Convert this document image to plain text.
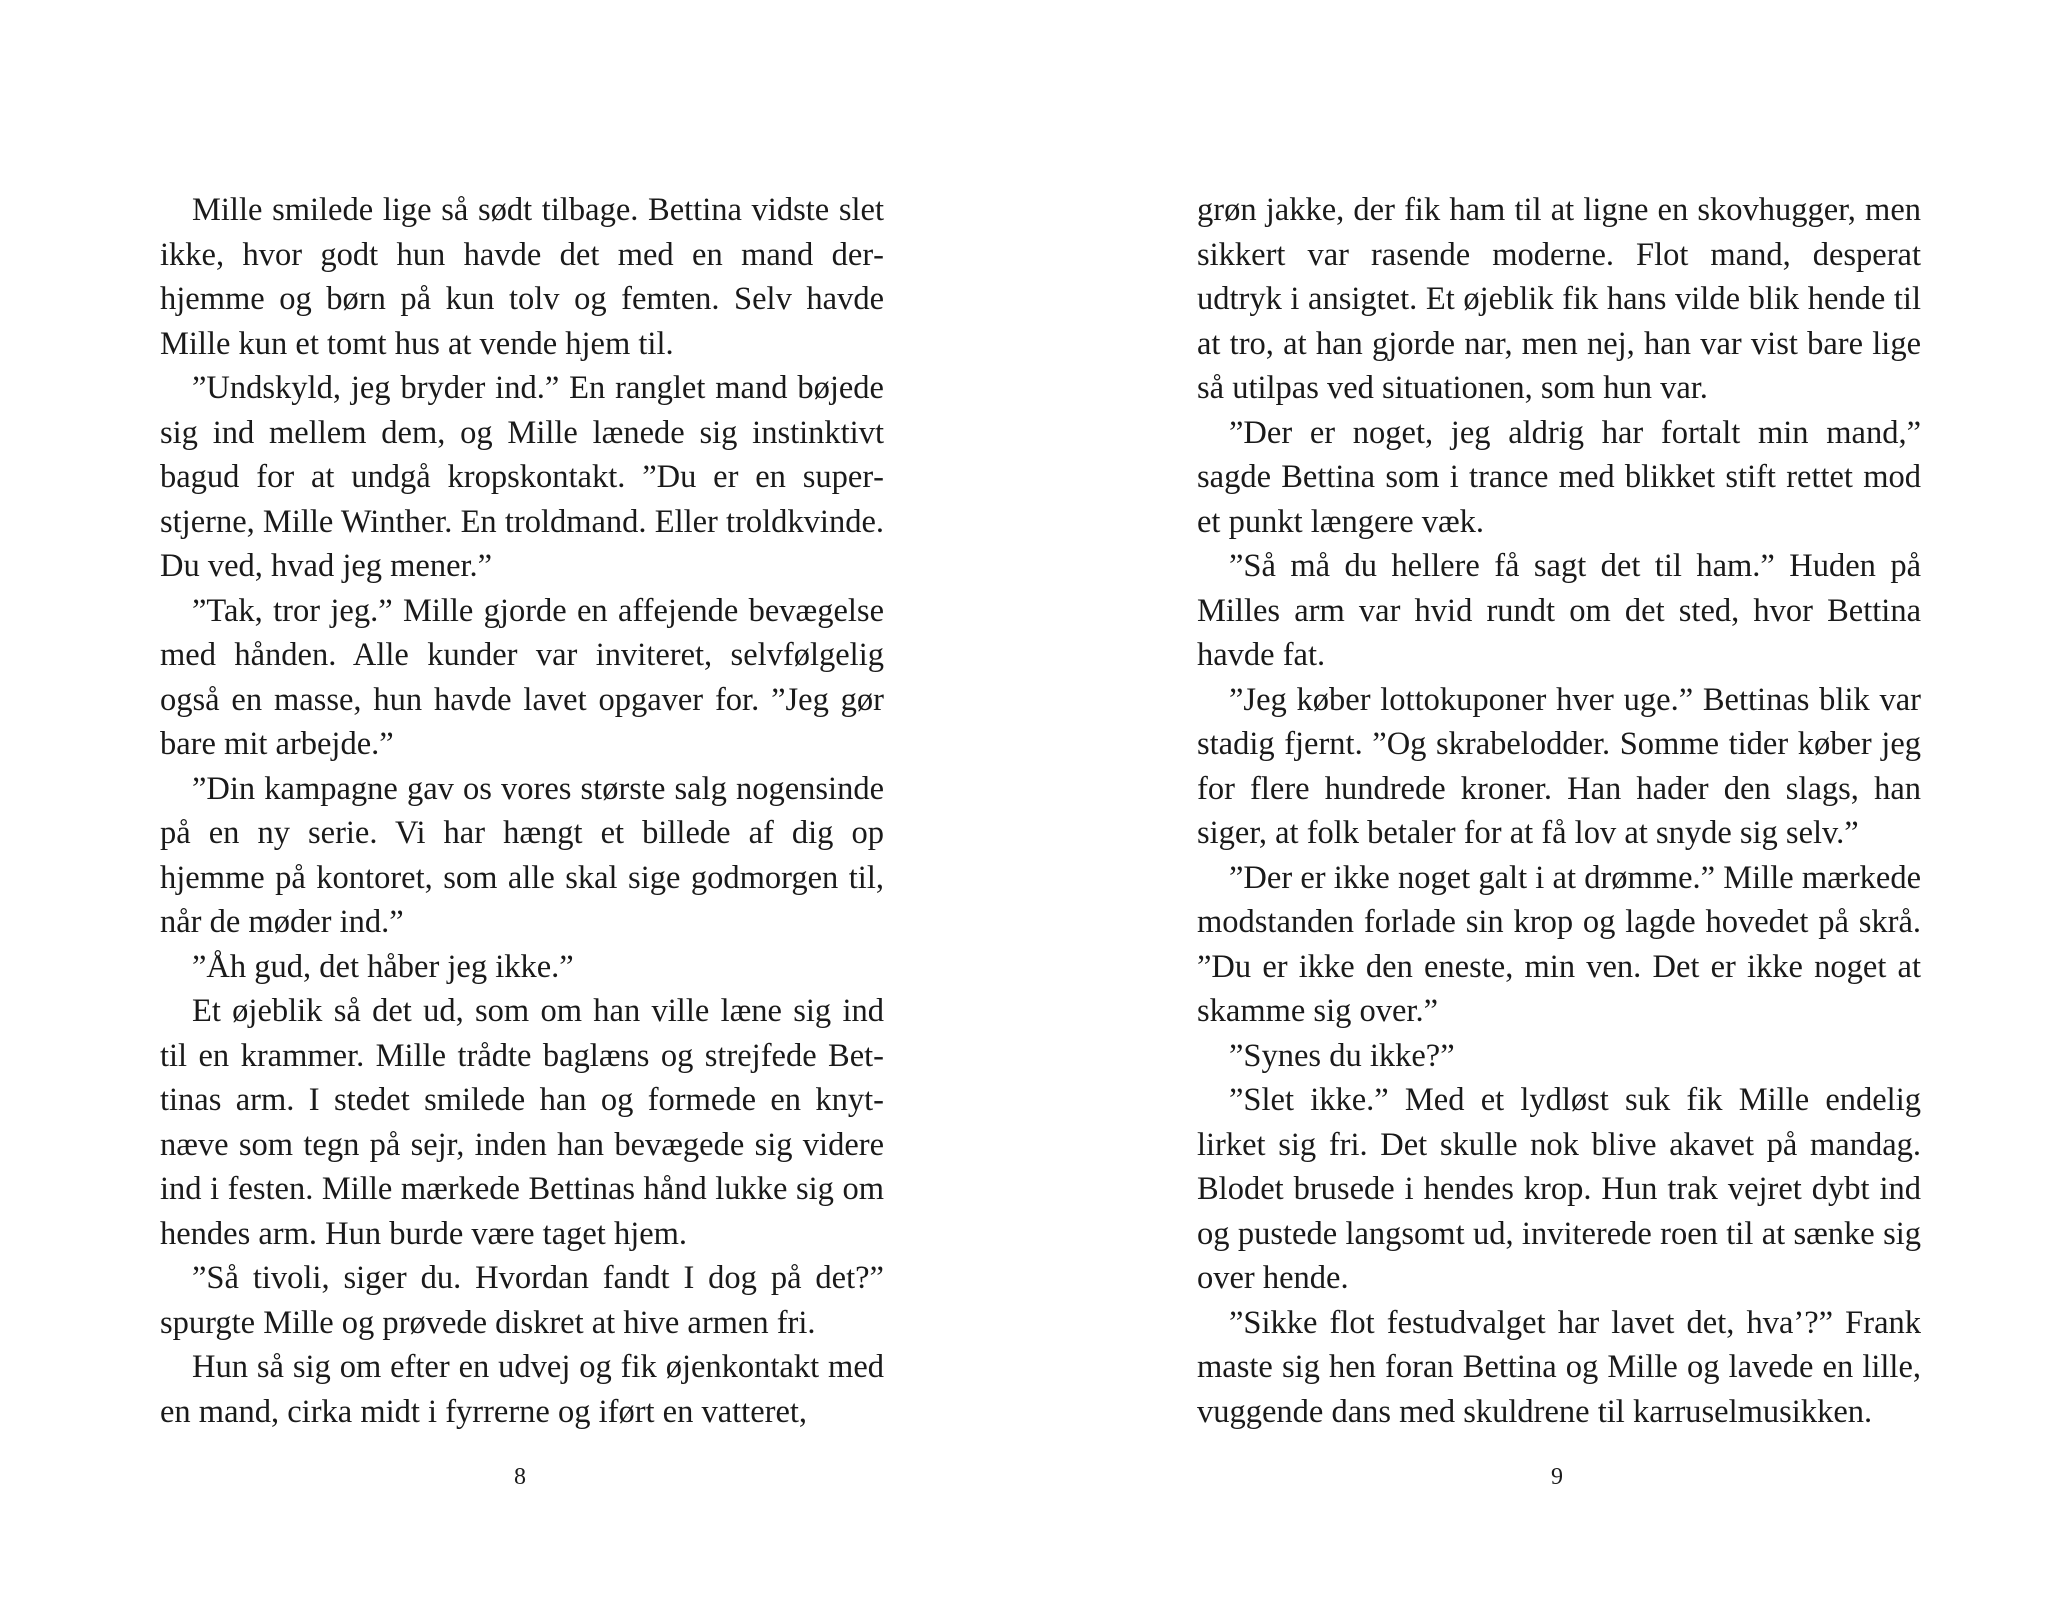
Mille smilede lige så sødt tilbage. Bettina vidste slet ikke, hvor godt hun havde det med en mand derhjemme og børn på kun tolv og femten. Selv havde Mille kun et tomt hus at vende hjem til.

”Undskyld, jeg bryder ind.” En ranglet mand bøjede sig ind mellem dem, og Mille lænede sig instinktivt bagud for at undgå kropskontakt. ”Du er en superstjerne, Mille Winther. En troldmand. Eller troldkvinde. Du ved, hvad jeg mener.”

”Tak, tror jeg.” Mille gjorde en affejende bevægelse med hånden. Alle kunder var inviteret, selvfølgelig også en masse, hun havde lavet opgaver for. ”Jeg gør bare mit arbejde.”

”Din kampagne gav os vores største salg nogensinde på en ny serie. Vi har hængt et billede af dig op hjemme på kontoret, som alle skal sige godmorgen til, når de møder ind.”

”Åh gud, det håber jeg ikke.”

Et øjeblik så det ud, som om han ville læne sig ind til en krammer. Mille trådte baglæns og strejfede Bettinas arm. I stedet smilede han og formede en knytnæve som tegn på sejr, inden han bevægede sig videre ind i festen. Mille mærkede Bettinas hånd lukke sig om hendes arm. Hun burde være taget hjem.

”Så tivoli, siger du. Hvordan fandt I dog på det?” spurgte Mille og prøvede diskret at hive armen fri.

Hun så sig om efter en udvej og fik øjenkontakt med en mand, cirka midt i fyrrerne og iført en vatteret,

8

grøn jakke, der fik ham til at ligne en skovhugger, men sikkert var rasende moderne. Flot mand, desperat udtryk i ansigtet. Et øjeblik fik hans vilde blik hende til at tro, at han gjorde nar, men nej, han var vist bare lige så utilpas ved situationen, som hun var.

”Der er noget, jeg aldrig har fortalt min mand,” sagde Bettina som i trance med blikket stift rettet mod et punkt længere væk.

”Så må du hellere få sagt det til ham.” Huden på Milles arm var hvid rundt om det sted, hvor Bettina havde fat.

”Jeg køber lottokuponer hver uge.” Bettinas blik var stadig fjernt. ”Og skrabelodder. Somme tider køber jeg for flere hundrede kroner. Han hader den slags, han siger, at folk betaler for at få lov at snyde sig selv.”

”Der er ikke noget galt i at drømme.” Mille mærkede modstanden forlade sin krop og lagde hovedet på skrå. ”Du er ikke den eneste, min ven. Det er ikke noget at skamme sig over.”

”Synes du ikke?”

”Slet ikke.” Med et lydløst suk fik Mille endelig lirket sig fri. Det skulle nok blive akavet på mandag. Blodet brusede i hendes krop. Hun trak vejret dybt ind og pustede langsomt ud, inviterede roen til at sænke sig over hende.

”Sikke flot festudvalget har lavet det, hva’?” Frank maste sig hen foran Bettina og Mille og lavede en lille, vuggende dans med skuldrene til karruselmusikken.

9
